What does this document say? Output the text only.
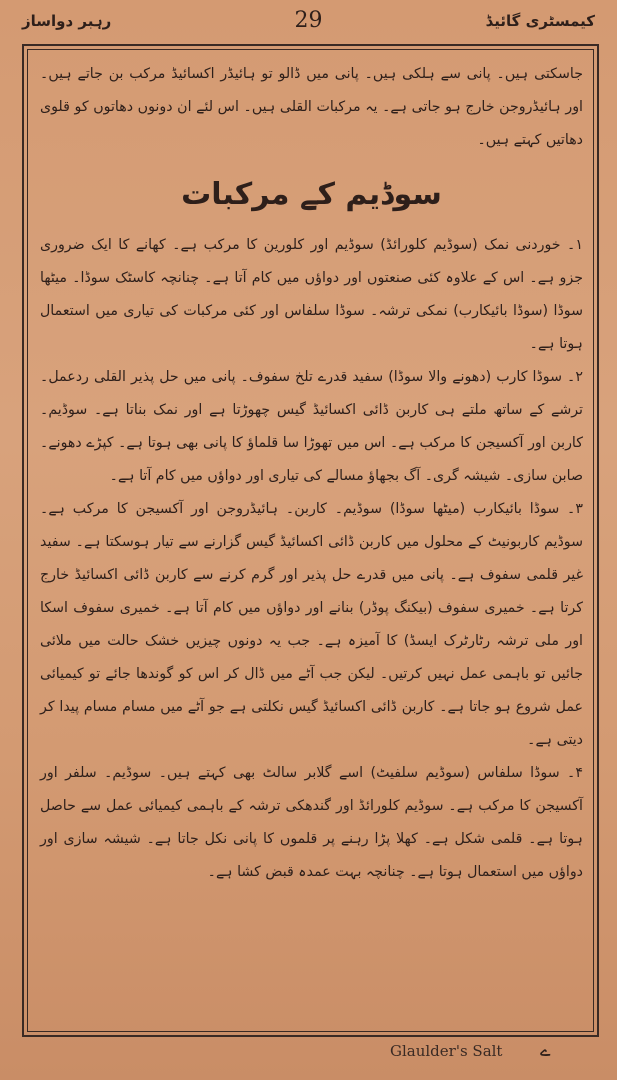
کیمسٹری گائیڈ
29
رہبر دواساز

جاسکتی ہیں۔ پانی سے ہلکی ہیں۔ پانی میں ڈالو تو ہائیڈر اکسائیڈ مرکب بن جاتے ہیں۔ اور ہائیڈروجن خارج ہو جاتی ہے۔ یہ مرکبات القلی ہیں۔ اس لئے ان دونوں دھاتوں کو قلوی دھاتیں کہتے ہیں۔

سوڈیم کے مرکبات

۱۔ خوردنی نمک (سوڈیم کلورائڈ) سوڈیم اور کلورین کا مرکب ہے۔ کھانے کا ایک ضروری جزو ہے۔ اس کے علاوہ کئی صنعتوں اور دواؤں میں کام آتا ہے۔ چنانچہ کاسٹک سوڈا۔ میٹھا سوڈا (سوڈا بائیکارب) نمکی ترشہ۔ سوڈا سلفاس اور کئی مرکبات کی تیاری میں استعمال ہوتا ہے۔

۲۔ سوڈا کارب (دھونے والا سوڈا) سفید قدرے تلخ سفوف۔ پانی میں حل پذیر القلی ردعمل۔ ترشے کے ساتھ ملتے ہی کاربن ڈائی اکسائیڈ گیس چھوڑتا ہے اور نمک بناتا ہے۔ سوڈیم۔ کاربن اور آکسیجن کا مرکب ہے۔ اس میں تھوڑا سا قلماؤ کا پانی بھی ہوتا ہے۔ کپڑے دھونے۔ صابن سازی۔ شیشہ گری۔ آگ بجھاؤ مسالے کی تیاری اور دواؤں میں کام آتا ہے۔

۳۔ سوڈا بائیکارب (میٹھا سوڈا) سوڈیم۔ کاربن۔ ہائیڈروجن اور آکسیجن کا مرکب ہے۔ سوڈیم کاربونیٹ کے محلول میں کاربن ڈائی اکسائیڈ گیس گزارنے سے تیار ہوسکتا ہے۔ سفید غیر قلمی سفوف ہے۔ پانی میں قدرے حل پذیر اور گرم کرنے سے کاربن ڈائی اکسائیڈ خارج کرتا ہے۔ خمیری سفوف (بیکنگ پوڈر) بنانے اور دواؤں میں کام آتا ہے۔ خمیری سفوف اسکا اور ملی ترشہ رٹارٹرک ایسڈ) کا آمیزہ ہے۔ جب یہ دونوں چیزیں خشک حالت میں ملائی جائیں تو باہمی عمل نہیں کرتیں۔ لیکن جب آٹے میں ڈال کر اس کو گوندھا جائے تو کیمیائی عمل شروع ہو جاتا ہے۔ کاربن ڈائی اکسائیڈ گیس نکلتی ہے جو آٹے میں مسام مسام پیدا کر دیتی ہے۔

۴۔ سوڈا سلفاس (سوڈیم سلفیٹ) اسے گلابر سالٹ بھی کہتے ہیں۔ سوڈیم۔ سلفر اور آکسیجن کا مرکب ہے۔ سوڈیم کلورائڈ اور گندھکی ترشہ کے باہمی کیمیائی عمل سے حاصل ہوتا ہے۔ قلمی شکل ہے۔ کھلا پڑا رہنے پر قلموں کا پانی نکل جاتا ہے۔ شیشہ سازی اور دواؤں میں استعمال ہوتا ہے۔ چنانچہ بہت عمدہ قبض کشا ہے۔

Glaulder's Salt ے
